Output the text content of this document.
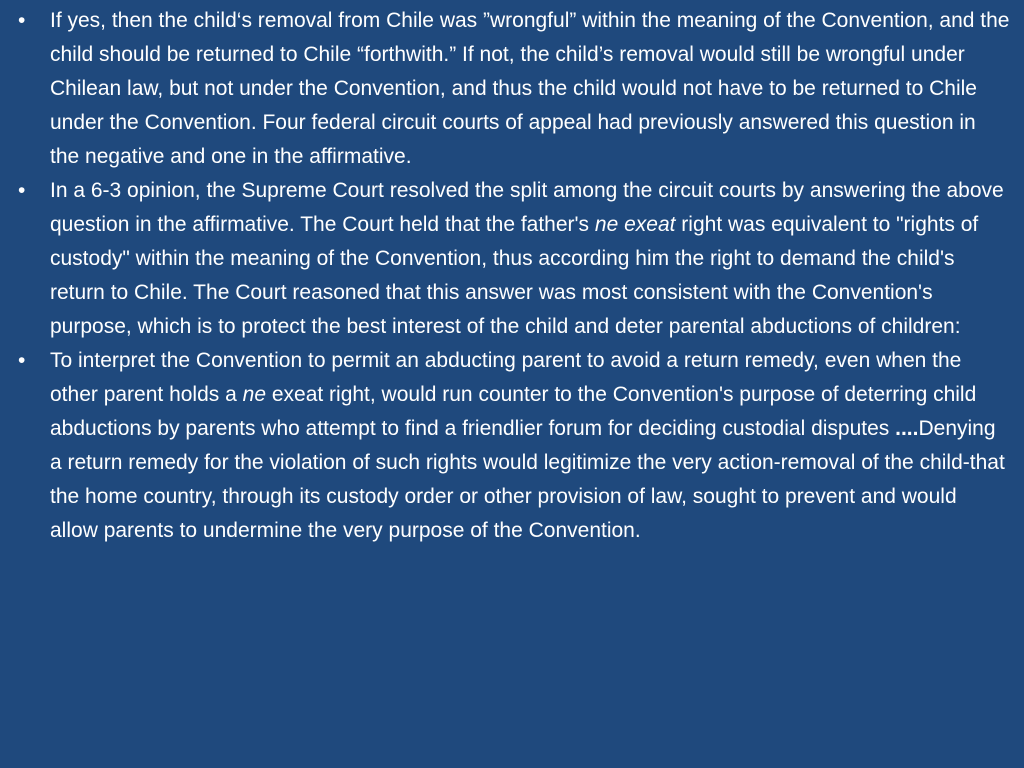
•	If yes, then the child‘s removal from Chile was ”wrongful” within the meaning of the Convention, and the child should be returned to Chile “forthwith.” If not, the child’s removal would still be wrongful under Chilean law, but not under the Convention, and thus the child would not have to be returned to Chile under the Convention. Four federal circuit courts of appeal had previously answered this question in the negative and one in the affirmative.
•	In a 6-3 opinion, the Supreme Court resolved the split among the circuit courts by answering the above question in the affirmative. The Court held that the father's ne exeat right was equivalent to "rights of custody" within the meaning of the Convention, thus according him the right to demand the child's return to Chile. The Court reasoned that this answer was most consistent with the Convention's purpose, which is to protect the best interest of the child and deter parental abductions of children:
•	To interpret the Convention to permit an abducting parent to avoid a return remedy, even when the other parent holds a ne exeat right, would run counter to the Convention's purpose of deterring child abductions by parents who attempt to find a friendlier forum for deciding custodial disputes ....Denying a return remedy for the violation of such rights would legitimize the very action-removal of the child-that the home country, through its custody order or other provision of law, sought to prevent and would allow parents to undermine the very purpose of the Convention.
